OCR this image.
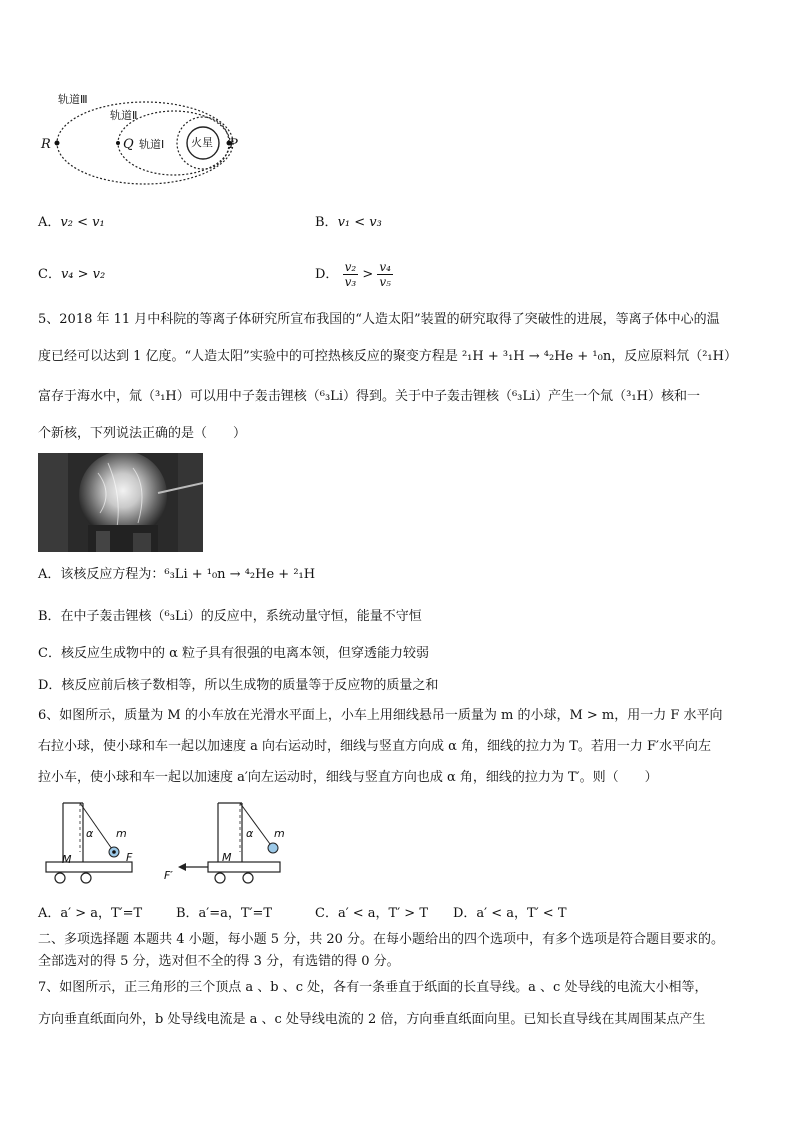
轨道Ⅲ
轨道Ⅱ
轨道Ⅰ 火星
R	Q	P
A．v₂ < v₁	B．v₁ < v₃
C．v₄ > v₂	D． $\frac{\text{v₂}}{\text{v₃}} > \frac{\text{v₄}}{\text{v₅}}$
5、2018 年 11 月中科院的等离子体研究所宣布我国的“人造太阳”装置的研究取得了突破性的进展，等离子体中心的温
度已经可以达到 1 亿度。“人造太阳”实验中的可控热核反应的聚变方程是 ²₁H + ³₁H → ⁴₂He + ¹₀n，反应原料氘（²₁H）
富存于海水中，氚（³₁H）可以用中子轰击锂核（⁶₃Li）得到。关于中子轰击锂核（⁶₃Li）产生一个氚（³₁H）核和一
个新核，下列说法正确的是（　　）
A．该核反应方程为：⁶₃Li + ¹₀n → ⁴₂He + ²₁H
B．在中子轰击锂核（⁶₃Li）的反应中，系统动量守恒，能量不守恒
C．核反应生成物中的 α 粒子具有很强的电离本领，但穿透能力较弱
D．核反应前后核子数相等，所以生成物的质量等于反应物的质量之和
6、如图所示，质量为 M 的小车放在光滑水平面上，小车上用细线悬吊一质量为 m 的小球，M > m，用一力 F 水平向
右拉小球，使小球和车一起以加速度 a 向右运动时，细线与竖直方向成 α 角，细线的拉力为 T。若用一力 F′水平向左
拉小车，使小球和车一起以加速度 a′向左运动时，细线与竖直方向也成 α 角，细线的拉力为 T′。则（　　）
α m
M	F
α m
M
F′
A．a′ > a，T′=T	B．a′=a，T′=T	C．a′ < a，T′ > T D．a′ < a，T′ < T
二、多项选择题 本题共 4 小题，每小题 5 分，共 20 分。在每小题给出的四个选项中，有多个选项是符合题目要求的。
全部选对的得 5 分，选对但不全的得 3 分，有选错的得 0 分。
7、如图所示，正三角形的三个顶点 a 、b 、c 处，各有一条垂直于纸面的长直导线。a 、c 处导线的电流大小相等，
方向垂直纸面向外，b 处导线电流是 a 、c 处导线电流的 2 倍，方向垂直纸面向里。已知长直导线在其周围某点产生
